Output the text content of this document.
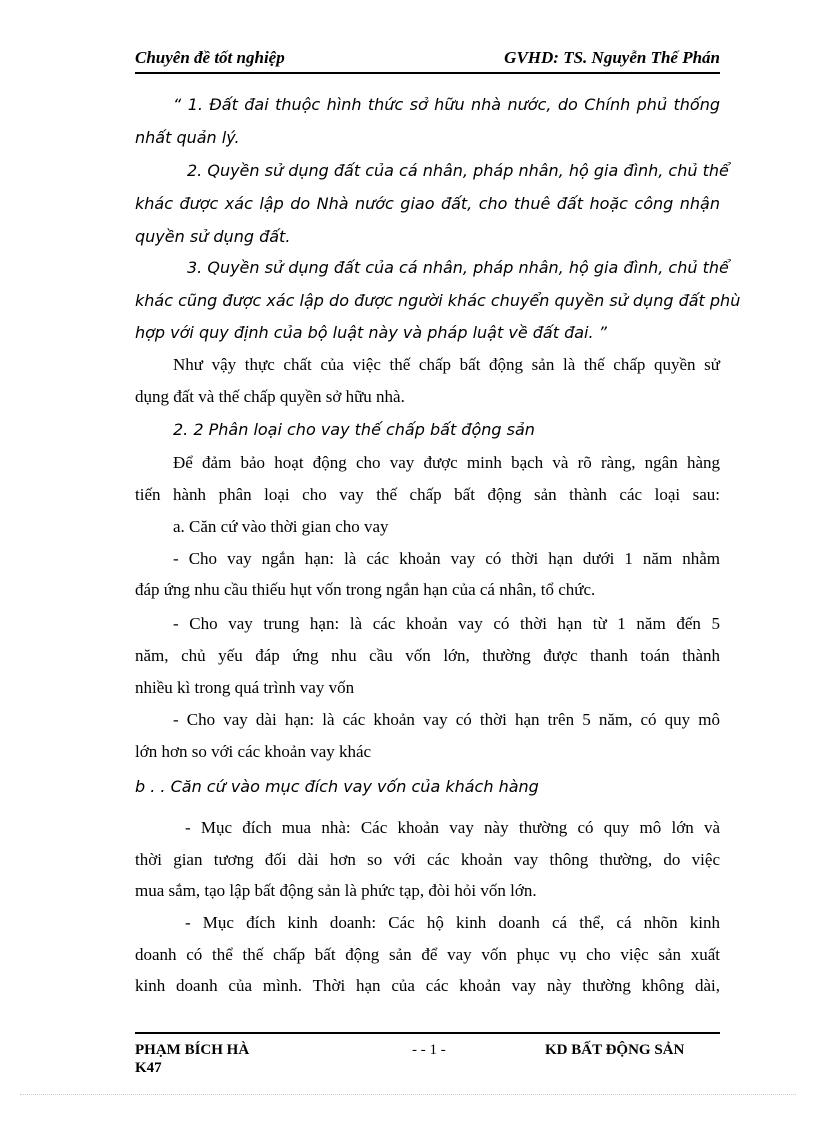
Chuyên đề tốt nghiệp	GVHD: TS. Nguyễn Thế Phán
“ 1. Đất đai thuộc hình thức sở hữu nhà nước, do Chính phủ thống
nhất quản lý.
2. Quyền sử dụng đất của cá nhân, pháp nhân, hộ gia đình, chủ thể
khác được xác lập do Nhà nước giao đất, cho thuê đất hoặc công nhận
quyền sử dụng đất.
3. Quyền sử dụng đất của cá nhân, pháp nhân, hộ gia đình, chủ thể
khác cũng được xác lập do được người khác chuyển quyền sử dụng đất phù
hợp với quy định của bộ luật này và pháp luật về đất đai. ”
Như vậy thực chất của việc thế chấp bất động sản là thế chấp quyền sử
dụng đất và thế chấp quyền sở hữu nhà.
2. 2 Phân loại cho vay thế chấp bất động sản
Để đảm bảo hoạt động cho vay được minh bạch và rõ ràng, ngân hàng
tiến hành phân loại cho vay thế chấp bất động sản thành các loại sau:
a. Căn cứ vào thời gian cho vay
- Cho vay ngắn hạn: là các khoản vay có thời hạn dưới 1 năm nhằm
đáp ứng nhu cầu thiếu hụt vốn trong ngắn hạn của cá nhân, tổ chức.
- Cho vay trung hạn: là các khoản vay có thời hạn từ 1 năm đến 5
năm, chủ yếu đáp ứng nhu cầu vốn lớn, thường được thanh toán thành
nhiều kì trong quá trình vay vốn
- Cho vay dài hạn: là các khoản vay có thời hạn trên 5 năm, có quy mô
lớn hơn so với các khoản vay khác
b . . Căn cứ vào mục đích vay vốn của khách hàng
- Mục đích mua nhà: Các khoản vay này thường có quy mô lớn và
thời gian tương đối dài hơn so với các khoản vay thông thường, do việc
mua sắm, tạo lập bất động sản là phức tạp, đòi hỏi vốn lớn.
- Mục đích kinh doanh: Các hộ kinh doanh cá thể, cá nhõn kinh
doanh có thể thế chấp bất động sản để vay vốn phục vụ cho việc sản xuất
kinh doanh của mình. Thời hạn của các khoản vay này thường không dài,
PHẠM BÍCH HÀ
K47
- - 1 -	KD BẤT ĐỘNG SẢN
